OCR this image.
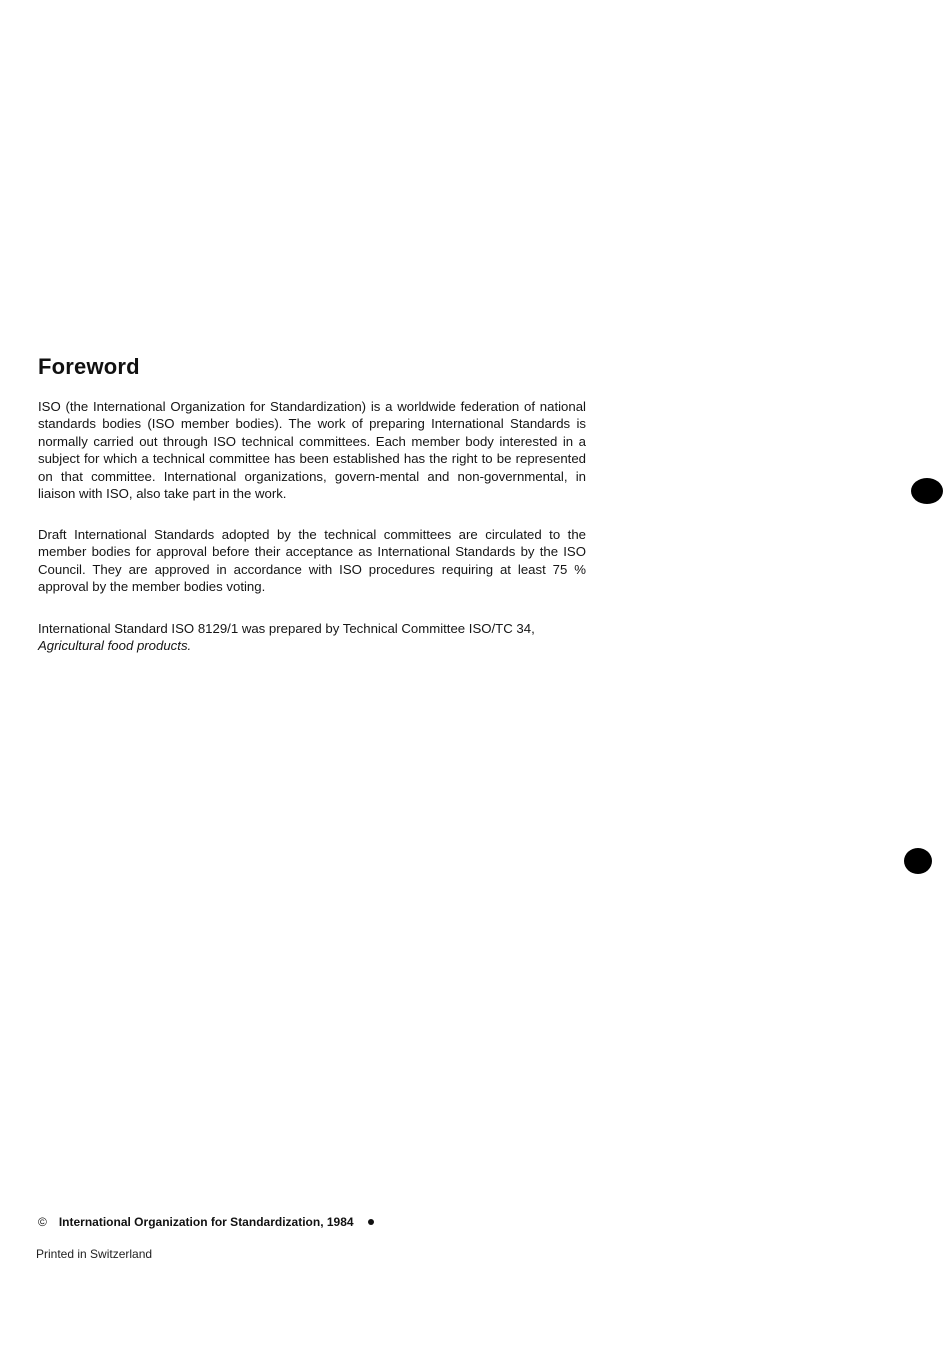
Foreword

ISO (the International Organization for Standardization) is a worldwide federation of national standards bodies (ISO member bodies). The work of preparing International Standards is normally carried out through ISO technical committees. Each member body interested in a subject for which a technical committee has been established has the right to be represented on that committee. International organizations, govern-mental and non-governmental, in liaison with ISO, also take part in the work.

Draft International Standards adopted by the technical committees are circulated to the member bodies for approval before their acceptance as International Standards by the ISO Council. They are approved in accordance with ISO procedures requiring at least 75 % approval by the member bodies voting.

International Standard ISO 8129/1 was prepared by Technical Committee ISO/TC 34,
Agricultural food products.

© International Organization for Standardization, 1984
Printed in Switzerland
